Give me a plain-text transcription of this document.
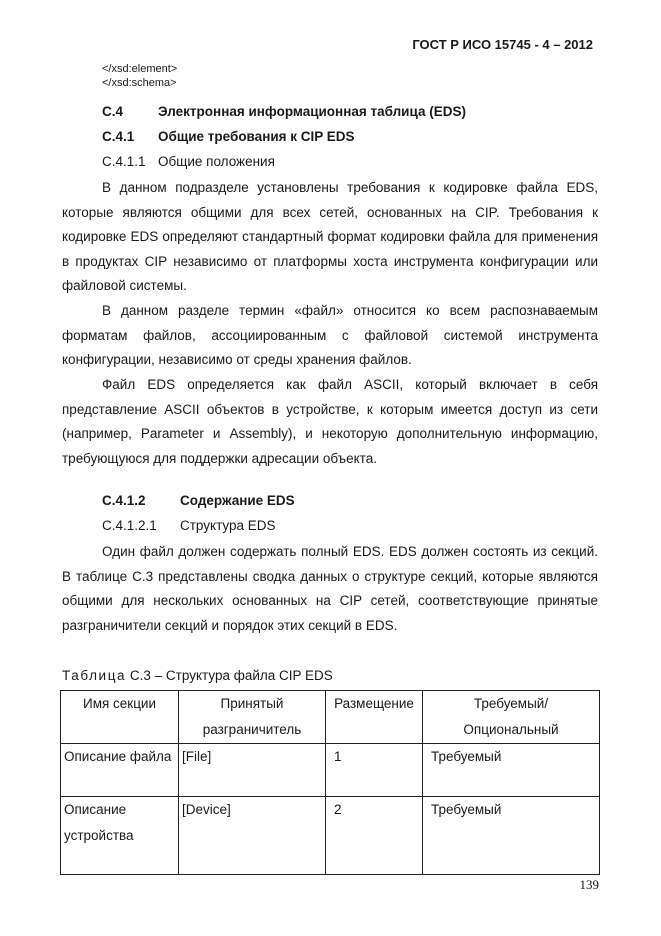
ГОСТ Р ИСО 15745 - 4 – 2012
</xsd:element>
</xsd:schema>
C.4	Электронная информационная таблица (EDS)
C.4.1 Общие требования к CIP EDS
C.4.1.1 Общие положения
В данном подразделе установлены требования к кодировке файла EDS, которые являются общими для всех сетей, основанных на CIP. Требования к кодировке EDS определяют стандартный формат кодировки файла для применения в продуктах CIP независимо от платформы хоста инструмента конфигурации или файловой системы.
В данном разделе термин «файл» относится ко всем распознаваемым форматам файлов, ассоциированным с файловой системой инструмента конфигурации, независимо от среды хранения файлов.
Файл EDS определяется как файл ASCII, который включает в себя представление ASCII объектов в устройстве, к которым имеется доступ из сети (например, Parameter и Assembly), и некоторую дополнительную информацию, требующуюся для поддержки адресации объекта.
C.4.1.2	Содержание EDS
C.4.1.2.1 Структура EDS
Один файл должен содержать полный EDS. EDS должен состоять из секций. В таблице C.3 представлены сводка данных о структуре секций, которые являются общими для нескольких основанных на CIP сетей, соответствующие принятые разграничители секций и порядок этих секций в EDS.
Таблица C.3 – Структура файла CIP EDS
Имя секции	Принятый разграничитель	Размещение	Требуемый/ Опциональный
Описание файла	[File]	1	Требуемый
Описание устройства	[Device]	2	Требуемый
139
